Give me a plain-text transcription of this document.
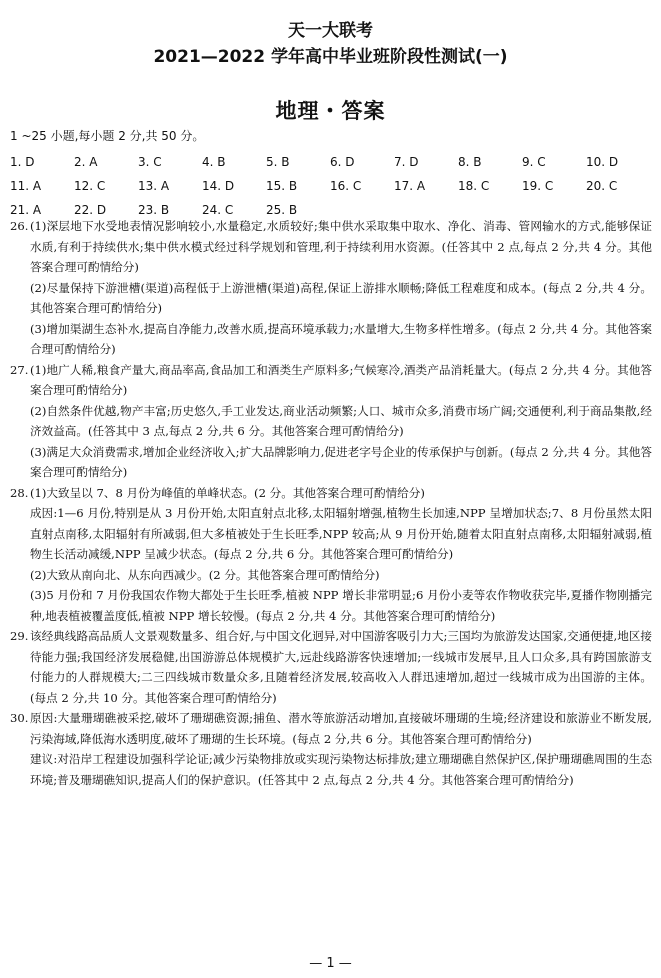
天一大联考
2021—2022 学年高中毕业班阶段性测试(一)
地理・答案
1 ~25 小题,每小题 2 分,共 50 分。
1. D	2. A	3. C	4. B	5. B	6. D	7. D	8. B	9. C	10. D
11. A	12. C	13. A	14. D	15. B	16. C	17. A	18. C	19. C	20. C
21. A	22. D	23. B	24. C	25. B
26. (1)深层地下水受地表情况影响较小,水量稳定,水质较好;集中供水采取集中取水、净化、消毒、管网输水的方式,能够保证水质,有利于持续供水;集中供水模式经过科学规划和管理,利于持续利用水资源。(任答其中 2 点,每点 2 分,共 4 分。其他答案合理可酌情给分)
(2)尽量保持下游泄槽(渠道)高程低于上游泄槽(渠道)高程,保证上游排水顺畅;降低工程难度和成本。(每点 2 分,共 4 分。其他答案合理可酌情给分)
(3)增加渠湖生态补水,提高自净能力,改善水质,提高环境承载力;水量增大,生物多样性增多。(每点 2 分,共 4 分。其他答案合理可酌情给分)
27. (1)地广人稀,粮食产量大,商品率高,食品加工和酒类生产原料多;气候寒冷,酒类产品消耗量大。(每点 2 分,共 4 分。其他答案合理可酌情给分)
(2)自然条件优越,物产丰富;历史悠久,手工业发达,商业活动频繁;人口、城市众多,消费市场广阔;交通便利,利于商品集散,经济效益高。(任答其中 3 点,每点 2 分,共 6 分。其他答案合理可酌情给分)
(3)满足大众消费需求,增加企业经济收入;扩大品牌影响力,促进老字号企业的传承保护与创新。(每点 2 分,共 4 分。其他答案合理可酌情给分)
28. (1)大致呈以 7、8 月份为峰值的单峰状态。(2 分。其他答案合理可酌情给分)
成因:1—6 月份,特别是从 3 月份开始,太阳直射点北移,太阳辐射增强,植物生长加速,NPP 呈增加状态;7、8 月份虽然太阳直射点南移,太阳辐射有所减弱,但大多植被处于生长旺季,NPP 较高;从 9 月份开始,随着太阳直射点南移,太阳辐射减弱,植物生长活动减缓,NPP 呈减少状态。(每点 2 分,共 6 分。其他答案合理可酌情给分)
(2)大致从南向北、从东向西减少。(2 分。其他答案合理可酌情给分)
(3)5 月份和 7 月份我国农作物大都处于生长旺季,植被 NPP 增长非常明显;6 月份小麦等农作物收获完毕,夏播作物刚播完种,地表植被覆盖度低,植被 NPP 增长较慢。(每点 2 分,共 4 分。其他答案合理可酌情给分)
29. 该经典线路高品质人文景观数量多、组合好,与中国文化迥异,对中国游客吸引力大;三国均为旅游发达国家,交通便捷,地区接待能力强;我国经济发展稳健,出国游游总体规模扩大,远赴线路游客快速增加;一线城市发展早,且人口众多,具有跨国旅游支付能力的人群规模大;二三四线城市数量众多,且随着经济发展,较高收入人群迅速增加,超过一线城市成为出国游的主体。(每点 2 分,共 10 分。其他答案合理可酌情给分)
30. 原因:大量珊瑚礁被采挖,破坏了珊瑚礁资源;捕鱼、潜水等旅游活动增加,直接破坏珊瑚的生境;经济建设和旅游业不断发展,污染海域,降低海水透明度,破坏了珊瑚的生长环境。(每点 2 分,共 6 分。其他答案合理可酌情给分)
建议:对沿岸工程建设加强科学论证;减少污染物排放或实现污染物达标排放;建立珊瑚礁自然保护区,保护珊瑚礁周围的生态环境;普及珊瑚礁知识,提高人们的保护意识。(任答其中 2 点,每点 2 分,共 4 分。其他答案合理可酌情给分)
— 1 —
